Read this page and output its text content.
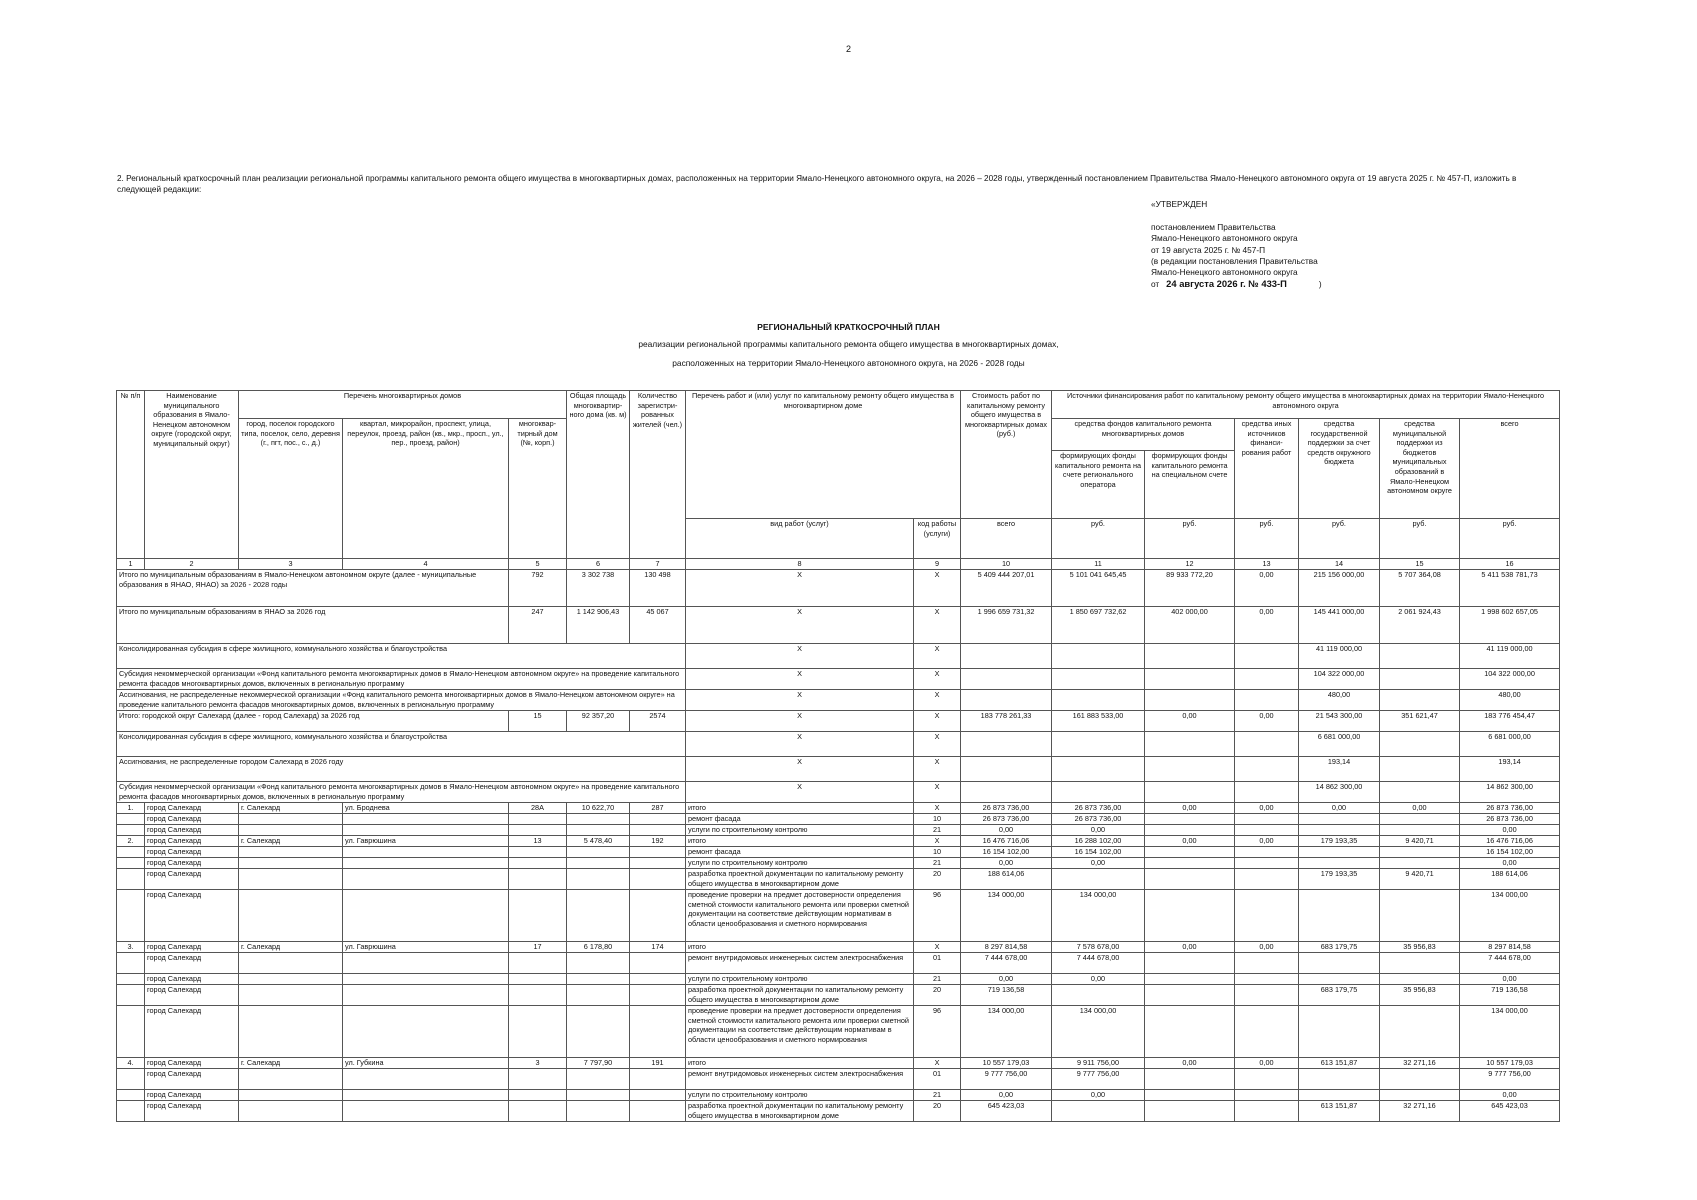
2
2. Региональный краткосрочный план реализации региональной программы капитального ремонта общего имущества в многоквартирных домах, расположенных на территории Ямало-Ненецкого автономного округа, на 2026 – 2028 годы, утвержденный постановлением Правительства Ямало-Ненецкого автономного округа от 19 августа 2025 г. № 457-П, изложить в следующей редакции:
«УТВЕРЖДЕН
постановлением Правительства
Ямало-Ненецкого автономного округа
от 19 августа 2025 г. № 457-П
(в редакции постановления Правительства
Ямало-Ненецкого автономного округа
от 24 августа 2026 г. № 433-П	)
РЕГИОНАЛЬНЫЙ КРАТКОСРОЧНЫЙ ПЛАН
реализации региональной программы капитального ремонта общего имущества в многоквартирных домах,
расположенных на территории Ямало-Ненецкого автономного округа, на 2026 - 2028 годы
№ п/п	Наименование муниципального образования в Ямало-Ненецком автономном округе (городской округ, муниципальный округ)	Перечень многоквартирных домов			Общая площадь многоквартир-ного дома (кв. м)	Количество зарегистри-рованных жителей (чел.)	Перечень работ и (или) услуг по капитальному ремонту общего имущества в многоквартирном доме		Стоимость работ по капитальному ремонту общего имущества в многоквартирных домах (руб.)	Источники финансирования работ по капитальному ремонту общего имущества в многоквартирных домах на территории Ямало-Ненецкого автономного округа					
		город, поселок городского типа, поселок, село, деревня (г., пгт, пос., с., д.)	квартал, микрорайон, проспект, улица, переулок, проезд, район (кв., мкр., просп., ул., пер., проезд, район)	многоквар-тирный дом (№, корп.)						средства фондов капитального ремонта многоквартирных домов		средства иных источников финанси-рования работ	средства государственной поддержки за счет средств окружного бюджета	средства муниципальной поддержки из бюджетов муниципальных образований в Ямало-Ненецком автономном округе	всего
										формирующих фонды капитального ремонта на счете регионального оператора	формирующих фонды капитального ремонта на специальном счете				
							вид работ (услуг)	код работы (услуги)	всего	руб.	руб.	руб.	руб.	руб.	руб.
1	2	3	4	5	6	7	8	9	10	11	12	13	14	15	16
Итого по муниципальным образованиям в Ямало-Ненецком автономном округе (далее - муниципальные образования в ЯНАО, ЯНАО) за 2026 - 2028 годы				792	3 302 738	130 498	X	X	5 409 444 207,01	5 101 041 645,45	89 933 772,20	0,00	215 156 000,00	5 707 364,08	5 411 538 781,73
Итого по муниципальным образованиям в ЯНАО за 2026 год				247	1 142 906,43	45 067	X	X	1 996 659 731,32	1 850 697 732,62	402 000,00	0,00	145 441 000,00	2 061 924,43	1 998 602 657,05
Консолидированная субсидия в сфере жилищного, коммунального хозяйства и благоустройства							X	X					41 119 000,00		41 119 000,00
Субсидия некоммерческой организации «Фонд капитального ремонта многоквартирных домов в Ямало-Ненецком автономном округе» на проведение капитального ремонта фасадов многоквартирных домов, включенных в региональную программу							X	X					104 322 000,00		104 322 000,00
Ассигнования, не распределенные некоммерческой организации «Фонд капитального ремонта многоквартирных домов в Ямало-Ненецком автономном округе» на проведение капитального ремонта фасадов многоквартирных домов, включенных в региональную программу							X	X					480,00		480,00
Итого: городской округ Салехард (далее - город Салехард) за 2026 год				15	92 357,20	2574	X	X	183 778 261,33	161 883 533,00	0,00	0,00	21 543 300,00	351 621,47	183 776 454,47
Консолидированная субсидия в сфере жилищного, коммунального хозяйства и благоустройства							X	X					6 681 000,00		6 681 000,00
Ассигнования, не распределенные городом Салехард в 2026 году							X	X					193,14		193,14
Субсидия некоммерческой организации «Фонд капитального ремонта многоквартирных домов в Ямало-Ненецком автономном округе» на проведение капитального ремонта фасадов многоквартирных домов, включенных в региональную программу							X	X					14 862 300,00		14 862 300,00
1.	город Салехард	г. Салехард	ул. Броднева	28А	10 622,70	287	итого	X	26 873 736,00	26 873 736,00	0,00	0,00	0,00	0,00	26 873 736,00
	город Салехард						ремонт фасада	10	26 873 736,00	26 873 736,00					26 873 736,00
	город Салехард						услуги по строительному контролю	21	0,00	0,00					0,00
2.	город Салехард	г. Салехард	ул. Гаврюшина	13	5 478,40	192	итого	X	16 476 716,06	16 288 102,00	0,00	0,00	179 193,35	9 420,71	16 476 716,06
	город Салехард						ремонт фасада	10	16 154 102,00	16 154 102,00					16 154 102,00
	город Салехард						услуги по строительному контролю	21	0,00	0,00					0,00
	город Салехард						разработка проектной документации по капитальному ремонту общего имущества в многоквартирном доме	20	188 614,06				179 193,35	9 420,71	188 614,06
	город Салехард						проведение проверки на предмет достоверности определения сметной стоимости капитального ремонта или проверки сметной документации на соответствие действующим нормативам в области ценообразования и сметного нормирования	96	134 000,00	134 000,00					134 000,00
3.	город Салехард	г. Салехард	ул. Гаврюшина	17	6 178,80	174	итого	X	8 297 814,58	7 578 678,00	0,00	0,00	683 179,75	35 956,83	8 297 814,58
	город Салехард						ремонт внутридомовых инженерных систем электроснабжения	01	7 444 678,00	7 444 678,00					7 444 678,00
	город Салехард						услуги по строительному контролю	21	0,00	0,00					0,00
	город Салехард						разработка проектной документации по капитальному ремонту общего имущества в многоквартирном доме	20	719 136,58				683 179,75	35 956,83	719 136,58
	город Салехард						проведение проверки на предмет достоверности определения сметной стоимости капитального ремонта или проверки сметной документации на соответствие действующим нормативам в области ценообразования и сметного нормирования	96	134 000,00	134 000,00					134 000,00
4.	город Салехард	г. Салехард	ул. Губкина	3	7 797,90	191	итого	X	10 557 179,03	9 911 756,00	0,00	0,00	613 151,87	32 271,16	10 557 179,03
	город Салехард						ремонт внутридомовых инженерных систем электроснабжения	01	9 777 756,00	9 777 756,00					9 777 756,00
	город Салехард						услуги по строительному контролю	21	0,00	0,00					0,00
	город Салехард						разработка проектной документации по капитальному ремонту общего имущества в многоквартирном доме	20	645 423,03				613 151,87	32 271,16	645 423,03
